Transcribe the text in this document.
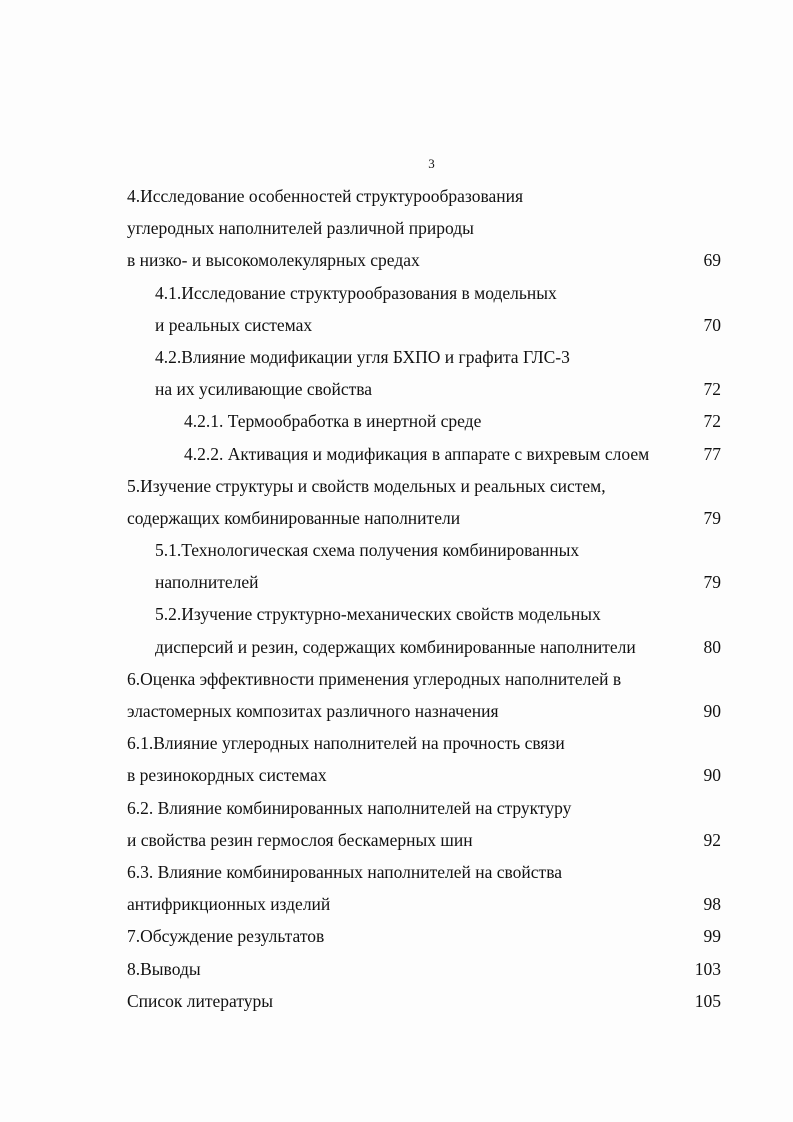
3
4.Исследование особенностей структурообразования
углеродных наполнителей различной природы
в низко- и высокомолекулярных средах	69
4.1.Исследование структурообразования в модельных
и реальных системах	70
4.2.Влияние модификации угля БХПО и графита ГЛС-3
на их усиливающие свойства	72
4.2.1. Термообработка в инертной среде	72
4.2.2. Активация и модификация в аппарате с вихревым слоем	77
5.Изучение структуры и свойств модельных и реальных систем,
содержащих комбинированные наполнители	79
5.1.Технологическая схема получения комбинированных
наполнителей	79
5.2.Изучение структурно-механических свойств модельных
дисперсий и резин, содержащих комбинированные наполнители	80
6.Оценка эффективности применения углеродных наполнителей в
эластомерных композитах различного назначения	90
6.1.Влияние углеродных наполнителей на прочность связи
в резинокордных системах	90
6.2. Влияние комбинированных наполнителей на структуру
и свойства резин гермослоя бескамерных шин	92
6.3. Влияние комбинированных наполнителей на свойства
антифрикционных изделий	98
7.Обсуждение результатов	99
8.Выводы	103
Список литературы	105
